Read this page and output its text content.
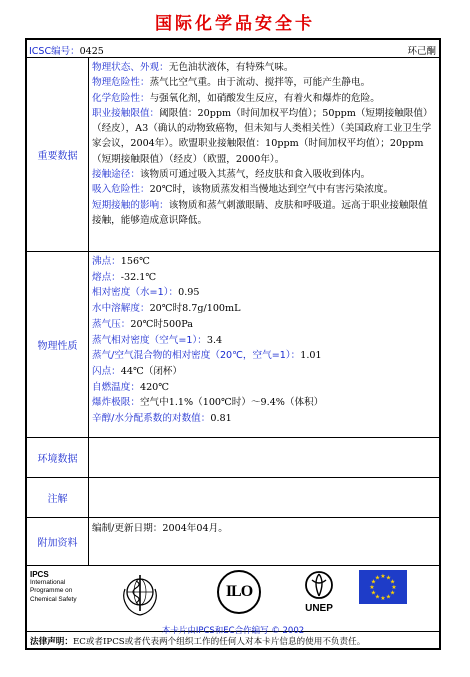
国际化学品安全卡
ICSC编号：0425	环己酮
重要数据
物理状态、外观：无色油状液体，有特殊气味。
物理危险性：蒸气比空气重。由于流动、搅拌等，可能产生静电。
化学危险性：与强氧化剂，如硝酸发生反应，有着火和爆炸的危险。
职业接触限值：阈限值：20ppm（时间加权平均值）；50ppm（短期接触限值）（经皮），A3（确认的动物致癌物，但未知与人类相关性）（美国政府工业卫生学家会议，2004年）。欧盟职业接触限值：10ppm（时间加权平均值）；20ppm（短期接触限值）（经皮）（欧盟，2000年）。
接触途径：该物质可通过吸入其蒸气，经皮肤和食入吸收到体内。
吸入危险性：20℃时，该物质蒸发相当慢地达到空气中有害污染浓度。
短期接触的影响：该物质和蒸气刺激眼睛、皮肤和呼吸道。远高于职业接触限值接触，能够造成意识降低。
物理性质
沸点：156℃
熔点：-32.1℃
相对密度（水=1）：0.95
水中溶解度：20℃时8.7g/100mL
蒸气压：20℃时500Pa
蒸气相对密度（空气=1）：3.4
蒸气/空气混合物的相对密度（20℃，空气=1）：1.01
闪点：44℃（闭杯）
自燃温度：420℃
爆炸极限：空气中1.1%（100℃时）～9.4%（体积）
辛醇/水分配系数的对数值：0.81
环境数据
注解
附加资料
编制/更新日期：2004年04月。
IPCS
International
Programme on
Chemical Safety	ILO
UNEP
★ ★
★
★
★
★
★
★
★
★
★
★
本卡片由IPCS和EC合作编写 © 2002
法律声明：EC或者IPCS或者代表两个组织工作的任何人对本卡片信息的使用不负责任。
